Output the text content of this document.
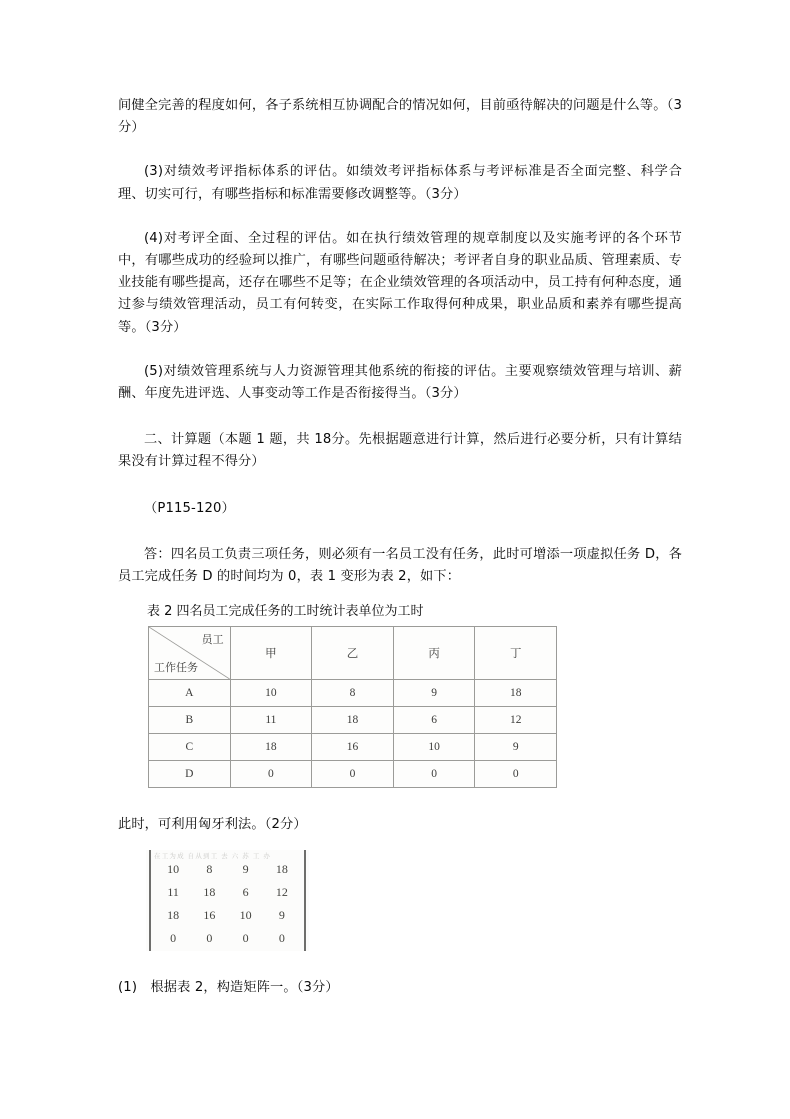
间健全完善的程度如何，各子系统相互协调配合的情况如何，目前亟待解决的问题是什么等。（3分）

(3)对绩效考评指标体系的评估。如绩效考评指标体系与考评标准是否全面完整、科学合理、切实可行，有哪些指标和标准需要修改调整等。（3分）

(4)对考评全面、全过程的评估。如在执行绩效管理的规章制度以及实施考评的各个环节中，有哪些成功的经验珂以推广，有哪些问题亟待解决；考评者自身的职业品质、管理素质、专业技能有哪些提高，还存在哪些不足等；在企业绩效管理的各项活动中，员工持有何种态度，通过参与绩效管理活动，员工有何转变，在实际工作取得何种成果，职业品质和素养有哪些提高等。（3分）

(5)对绩效管理系统与人力资源管理其他系统的衔接的评估。主要观察绩效管理与培训、薪酬、年度先进评选、人事变动等工作是否衔接得当。（3分）

二、计算题（本题 1 题，共 18分。先根据题意进行计算，然后进行必要分析，只有计算结果没有计算过程不得分）

（P115-120）

答：四名员工负责三项任务，则必须有一名员工没有任务，此时可增添一项虚拟任务 D，各员工完成任务 D 的时间均为 0，表 1 变形为表 2，如下：

表 2 四名员工完成任务的工时统计表单位为工时

员工
工作任务	甲	乙	丙	丁
A	10	8	9	18
B	11	18	6	12
C	18	16	10	9
D	0	0	0	0

此时，可利用匈牙利法。（2分）

在工为成 自从到工 去 六 苏 工 办
10	8	9	18
11	18	6	12
18	16	10	9
0	0	0	0

(1)　根据表 2，构造矩阵一。（3分）
